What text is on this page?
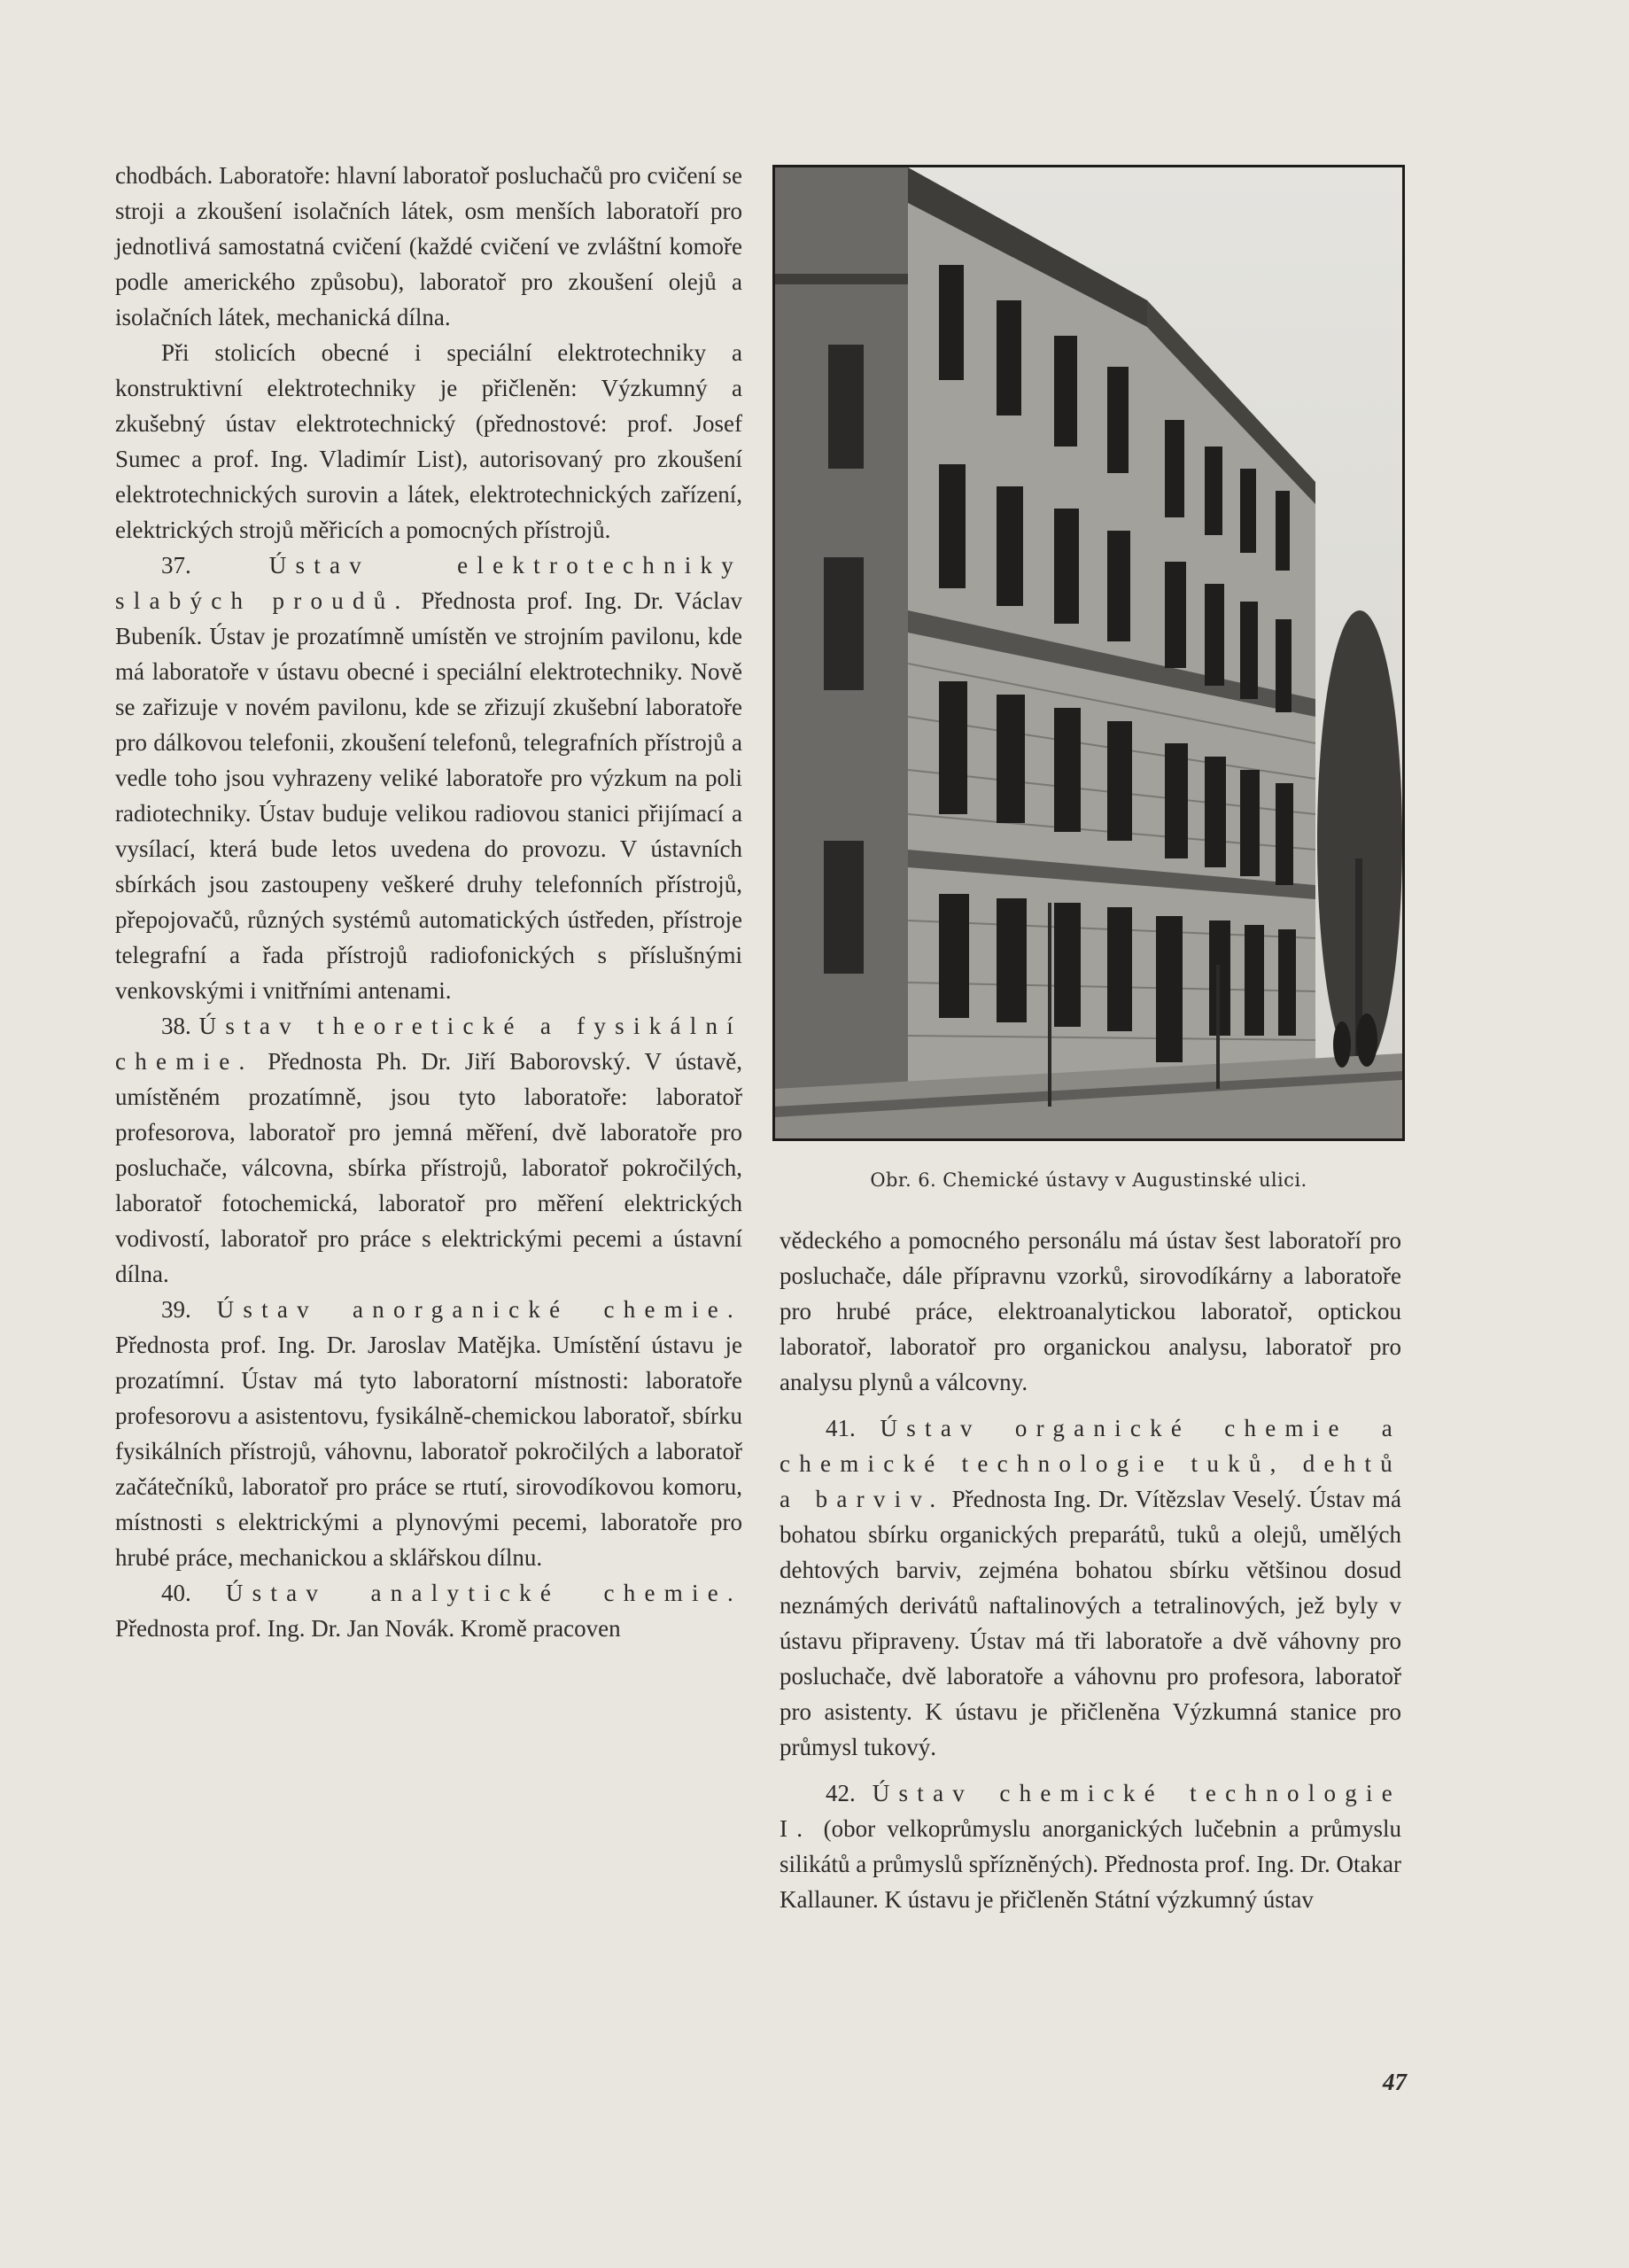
chodbách. Laboratoře: hlavní laboratoř posluchačů pro cvičení se stroji a zkoušení isolačních látek, osm menších laboratoří pro jednotlivá samostatná cvičení (každé cvičení ve zvláštní komoře podle amerického způsobu), laboratoř pro zkoušení olejů a isolačních látek, mechanická dílna.

Při stolicích obecné i speciální elektrotechniky a konstruktivní elektrotechniky je přičleněn: Výzkumný a zkušebný ústav elektrotechnický (přednostové: prof. Josef Sumec a prof. Ing. Vladimír List), autorisovaný pro zkoušení elektrotechnických surovin a látek, elektrotechnických zařízení, elektrických strojů měřicích a pomocných přístrojů.

37.	Ústav elektrotechniky slabých proudů. Přednosta prof. Ing. Dr. Václav Bubeník. Ústav je prozatímně umístěn ve strojním pavilonu, kde má laboratoře v ústavu obecné i speciální elektrotechniky. Nově se zařizuje v novém pavilonu, kde se zřizují zkušební laboratoře pro dálkovou telefonii, zkoušení telefonů, telegrafních přístrojů a vedle toho jsou vyhrazeny veliké laboratoře pro výzkum na poli radiotechniky. Ústav buduje velikou radiovou stanici přijímací a vysílací, která bude letos uvedena do provozu. V ústavních sbírkách jsou zastoupeny veškeré druhy telefonních přístrojů, přepojovačů, různých systémů automatických ústředen, přístroje telegrafní a řada přístrojů radiofonických s příslušnými venkovskými i vnitřními antenami.

38. Ústav theoretické a fysikální chemie. Přednosta Ph. Dr. Jiří Baborovský. V ústavě, umístěném prozatímně, jsou tyto laboratoře: laboratoř profesorova, laboratoř pro jemná měření, dvě laboratoře pro posluchače, válcovna, sbírka přístrojů, laboratoř pokročilých, laboratoř fotochemická, laboratoř pro měření elektrických vodivostí, laboratoř pro práce s elektrickými pecemi a ústavní dílna.

39. Ústav anorganické chemie. Přednosta prof. Ing. Dr. Jaroslav Matějka. Umístění ústavu je prozatímní. Ústav má tyto laboratorní místnosti: laboratoře profesorovu a asistentovu, fysikálně-chemickou laboratoř, sbírku fysikálních přístrojů, váhovnu, laboratoř pokročilých a laboratoř začátečníků, laboratoř pro práce se rtutí, sirovodíkovou komoru, místnosti s elektrickými a plynovými pecemi, laboratoře pro hrubé práce, mechanickou a sklářskou dílnu.

40. Ústav analytické chemie. Přednosta prof. Ing. Dr. Jan Novák. Kromě pracoven

Obr. 6. Chemické ústavy v Augustinské ulici.

vědeckého a pomocného personálu má ústav šest laboratoří pro posluchače, dále přípravnu vzorků, sirovodíkárny a laboratoře pro hrubé práce, elektroanalytickou laboratoř, optickou laboratoř, laboratoř pro organickou analysu, laboratoř pro analysu plynů a válcovny.

41. Ústav organické chemie a chemické technologie tuků, dehtů a barviv. Přednosta Ing. Dr. Vítězslav Veselý. Ústav má bohatou sbírku organických preparátů, tuků a olejů, umělých dehtových barviv, zejména bohatou sbírku většinou dosud neznámých derivátů naftalinových a tetralinových, jež byly v ústavu připraveny. Ústav má tři laboratoře a dvě váhovny pro posluchače, dvě laboratoře a váhovnu pro profesora, laboratoř pro asistenty. K ústavu je přičleněna Výzkumná stanice pro průmysl tukový.

42. Ústav chemické technologie I. (obor velkoprůmyslu anorganických lučebnin a průmyslu silikátů a průmyslů spřízněných). Přednosta prof. Ing. Dr. Otakar Kallauner. K ústavu je přičleněn Státní výzkumný ústav

47
